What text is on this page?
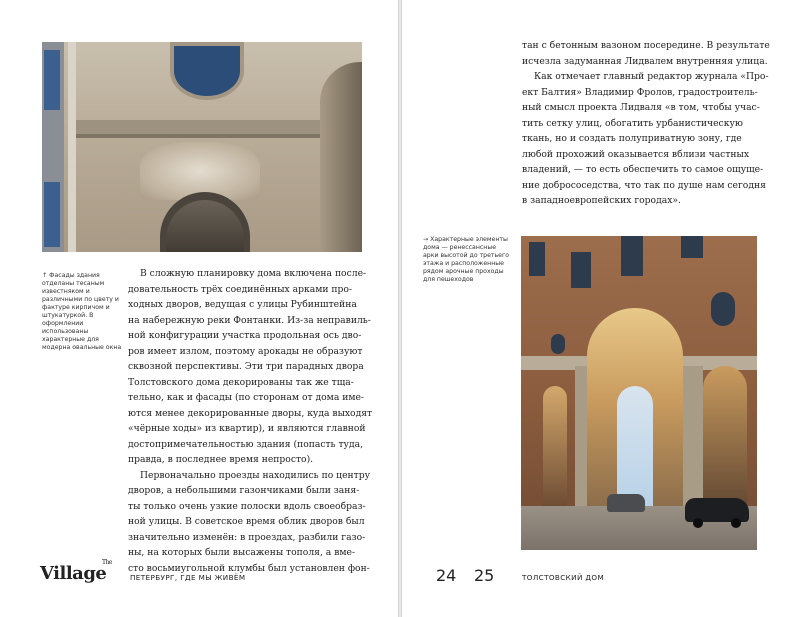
↑ Фасады здания отделаны тесаным известняком и различными по цвету и фактуре кирпичом и штукатуркой. В оформлении использованы характерные для модерна овальные окна

В сложную планировку дома включена после-

довательность трёх соединённых арками про-

ходных дворов, ведущая с улицы Рубинштейна

на набережную реки Фонтанки. Из-за неправиль-

ной конфигурации участка продольная ось дво-

ров имеет излом, поэтому арокады не образуют

сквозной перспективы. Эти три парадных двора

Толстовского дома декорированы так же тща-

тельно, как и фасады (по сторонам от дома име-

ются менее декорированные дворы, куда выходят

«чёрные ходы» из квартир), и являются главной

достопримечательностью здания (попасть туда,

правда, в последнее время непросто).

Первоначально проезды находились по центру

дворов, а небольшими газончиками были заня-

ты только очень узкие полоски вдоль своеобраз-

ной улицы. В советское время облик дворов был

значительно изменён: в проездах, разбили газо-

ны, на которых были высажены тополя, а вме-

сто восьмиугольной клумбы был установлен фон-

Village
The
ПЕТЕРБУРГ, ГДЕ МЫ ЖИВЁМ	24

тан с бетонным вазоном посередине. В результате

исчезла задуманная Лидвалем внутренняя улица.

Как отмечает главный редактор журнала «Про-

ект Балтия» Владимир Фролов, градостроитель-

ный смысл проекта Лидваля «в том, чтобы учас-

тить сетку улиц, обогатить урбанистическую

ткань, но и создать полуприватную зону, где

любой прохожий оказывается вблизи частных

владений, — то есть обеспечить то самое ощуще-

ние добрососедства, что так по душе нам сегодня

в западноевропейских городах».

→ Характерные элементы дома — ренессансные арки высотой до третьего этажа и расположенные рядом арочные проходы для пешеходов
25	ТОЛСТОВСКИЙ ДОМ
